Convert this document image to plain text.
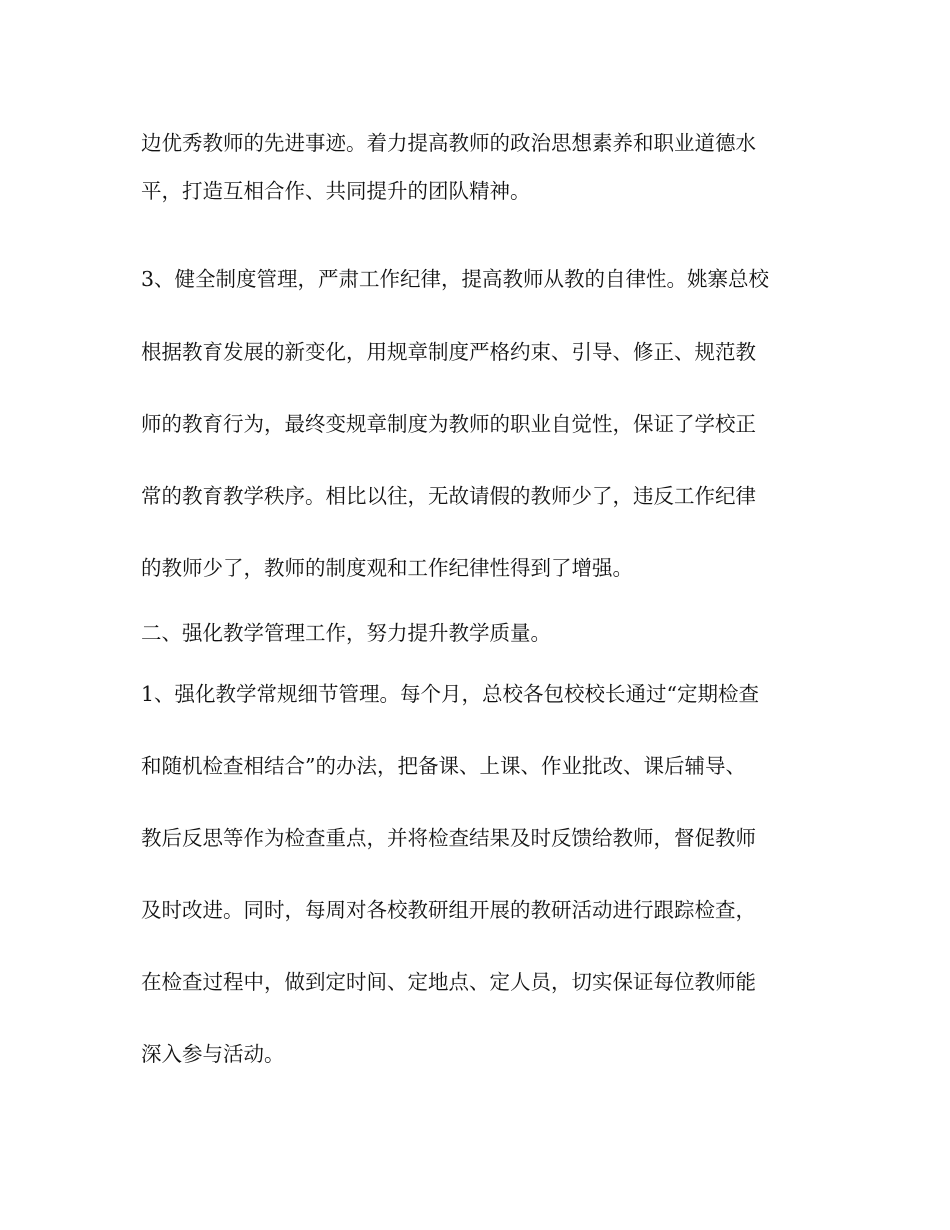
边优秀教师的先进事迹。着力提高教师的政治思想素养和职业道德水
平，打造互相合作、共同提升的团队精神。
3、健全制度管理，严肃工作纪律，提高教师从教的自律性。姚寨总校
根据教育发展的新变化，用规章制度严格约束、引导、修正、规范教
师的教育行为，最终变规章制度为教师的职业自觉性，保证了学校正
常的教育教学秩序。相比以往，无故请假的教师少了，违反工作纪律
的教师少了，教师的制度观和工作纪律性得到了增强。
二、强化教学管理工作，努力提升教学质量。
1、强化教学常规细节管理。每个月，总校各包校校长通过“定期检查
和随机检查相结合”的办法，把备课、上课、作业批改、课后辅导、
教后反思等作为检查重点，并将检查结果及时反馈给教师，督促教师
及时改进。同时，每周对各校教研组开展的教研活动进行跟踪检查，
在检查过程中，做到定时间、定地点、定人员，切实保证每位教师能
深入参与活动。
